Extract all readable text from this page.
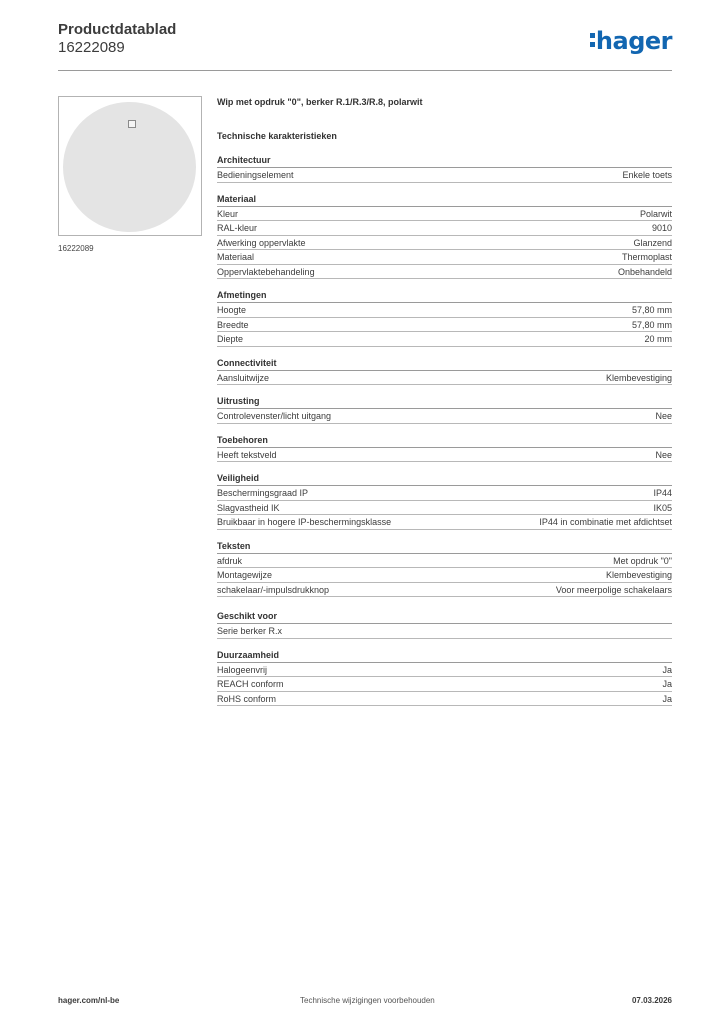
Productdatablad
16222089	hager
16222089
Wip met opdruk "0", berker R.1/R.3/R.8, polarwit
Technische karakteristieken
Architectuur
Bedieningselement	Enkele toets
Materiaal
Kleur	Polarwit
RAL-kleur	9010
Afwerking oppervlakte	Glanzend
Materiaal	Thermoplast
Oppervlaktebehandeling	Onbehandeld
Afmetingen
Hoogte	57,80 mm
Breedte	57,80 mm
Diepte	20 mm
Connectiviteit
Aansluitwijze	Klembevestiging
Uitrusting
Controlevenster/licht uitgang	Nee
Toebehoren
Heeft tekstveld	Nee
Veiligheid
Beschermingsgraad IP	IP44
Slagvastheid IK	IK05
Bruikbaar in hogere IP-beschermingsklasse	IP44 in combinatie met afdichtset
Teksten
afdruk	Met opdruk "0"
Montagewijze	Klembevestiging
schakelaar/-impulsdrukknop	Voor meerpolige schakelaars
Geschikt voor
Serie berker R.x
Duurzaamheid
Halogeenvrij	Ja
REACH conform	Ja
RoHS conform	Ja
hager.com/nl-be	Technische wijzigingen voorbehouden	07.03.2026
